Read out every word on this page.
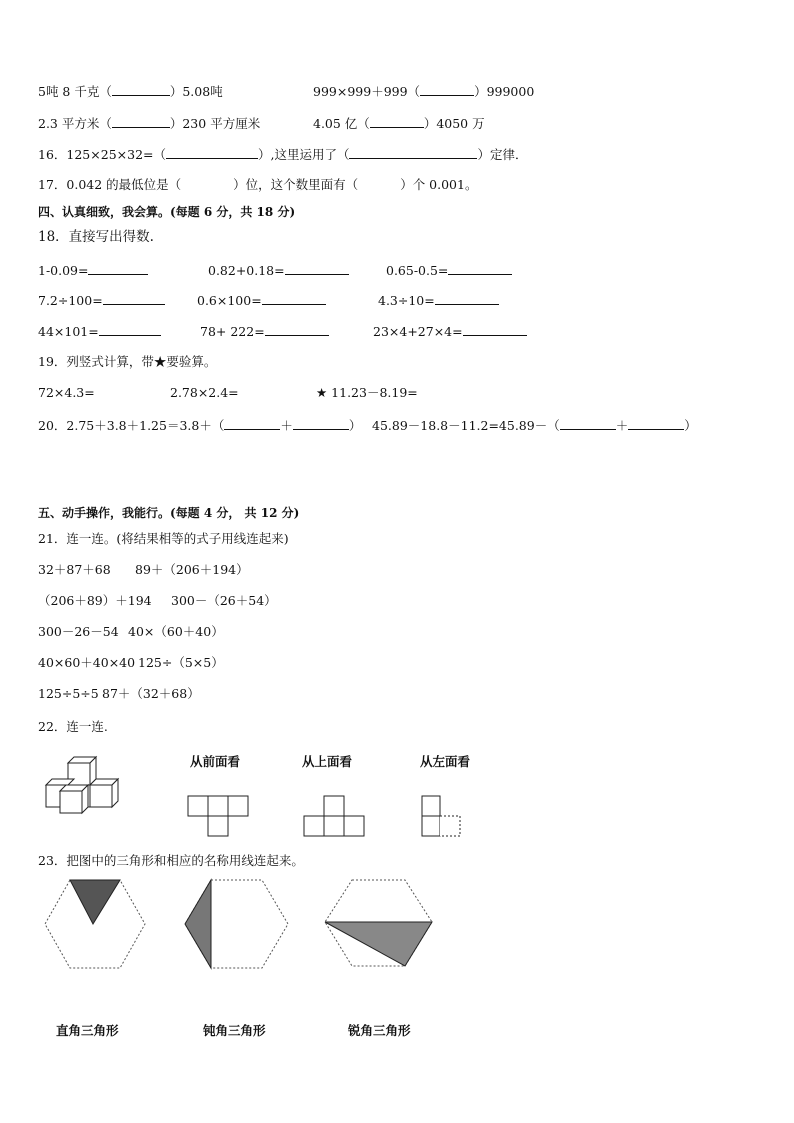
5吨 8 千克（	）5.08吨	999×999＋999（	）999000
2.3 平方米（	）230 平方厘米	4.05 亿（	）4050 万
16．125×25×32=（	）,这里运用了（	）定律．
17．0.042 的最低位是（	）位，这个数里面有（	）个 0.001。
四、认真细致，我会算。(每题 6 分，共 18 分)
18．直接写出得数.
1-0.09=	0.82+0.18=	0.65-0.5=
7.2÷100=	0.6×100=	4.3÷10=
44×101=	78+ 222=	23×4+27×4=
19．列竖式计算，带★要验算。
72×4.3=	2.78×2.4=	★ 11.23－8.19=
20．2.75＋3.8＋1.25＝3.8＋（	＋	） 45.89－18.8－11.2=45.89－（	＋	）
五、动手操作，我能行。(每题 4 分， 共 12 分)
21．连一连。(将结果相等的式子用线连起来)
32＋87＋68 89＋（206＋194）
（206＋89）＋194 300－（26＋54）
300－26－54 40×（60＋40）
40×60＋40×40 125÷（5×5）
125÷5÷5 87＋（32＋68）
22．连一连.
从前面看	从上面看	从左面看
23．把图中的三角形和相应的名称用线连起来。
直角三角形	钝角三角形	锐角三角形
